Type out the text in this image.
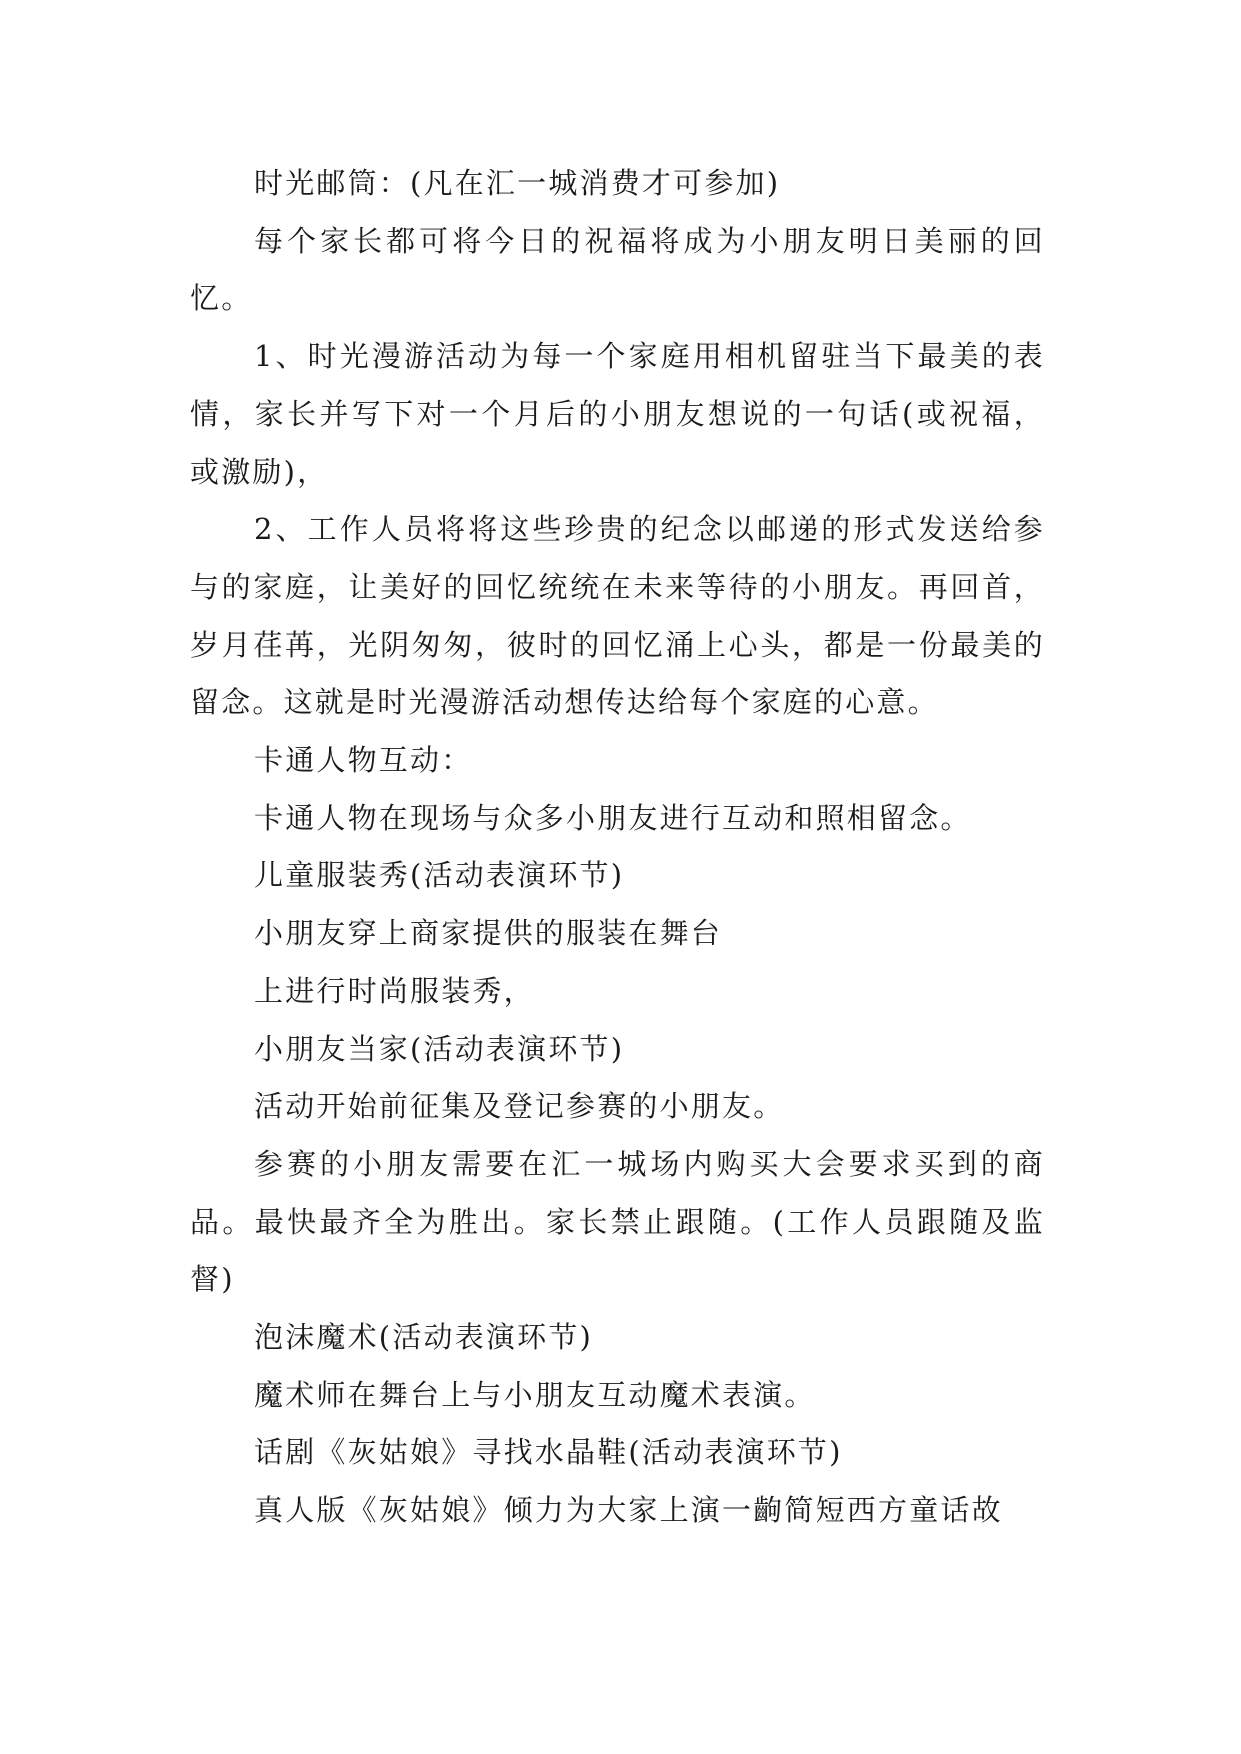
时光邮筒：(凡在汇一城消费才可参加)

每个家长都可将今日的祝福将成为小朋友明日美丽的回忆。

1、时光漫游活动为每一个家庭用相机留驻当下最美的表情，家长并写下对一个月后的小朋友想说的一句话(或祝福，或激励)，

2、工作人员将将这些珍贵的纪念以邮递的形式发送给参与的家庭，让美好的回忆统统在未来等待的小朋友。再回首，岁月荏苒，光阴匆匆，彼时的回忆涌上心头，都是一份最美的留念。这就是时光漫游活动想传达给每个家庭的心意。

卡通人物互动：

卡通人物在现场与众多小朋友进行互动和照相留念。

儿童服装秀(活动表演环节)

小朋友穿上商家提供的服装在舞台

上进行时尚服装秀，

小朋友当家(活动表演环节)

活动开始前征集及登记参赛的小朋友。

参赛的小朋友需要在汇一城场内购买大会要求买到的商品。最快最齐全为胜出。家长禁止跟随。(工作人员跟随及监督)

泡沫魔术(活动表演环节)

魔术师在舞台上与小朋友互动魔术表演。

话剧《灰姑娘》寻找水晶鞋(活动表演环节)

真人版《灰姑娘》倾力为大家上演一齣简短西方童话故
